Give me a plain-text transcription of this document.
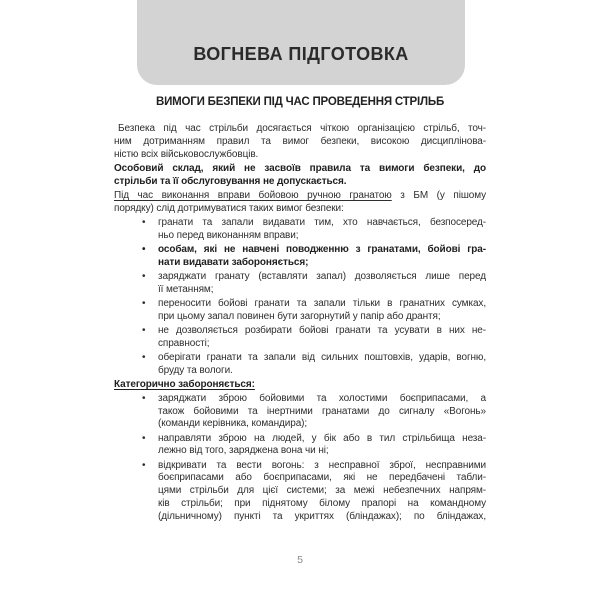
ВОГНЕВА ПІДГОТОВКА
ВИМОГИ БЕЗПЕКИ ПІД ЧАС ПРОВЕДЕННЯ СТРІЛЬБ
Безпека під час стрільби досягається чіткою організацією стрільб, точ-
ним дотриманням правил та вимог безпеки, високою дисциплінова-
ністю всіх військовослужбовців.
Особовий склад, який не засвоїв правила та вимоги безпеки, до
стрільби та її обслуговування не допускається.
Під час виконання вправи бойовою ручною гранатою з БМ (у пішому
порядку) слід дотримуватися таких вимог безпеки:
• гранати та запали видавати тим, хто навчається, безпосеред-
ньо перед виконанням вправи;
• особам, які не навчені поводженню з гранатами, бойові гра-
нати видавати забороняється;
• заряджати гранату (вставляти запал) дозволяється лише перед
її метанням;
• переносити бойові гранати та запали тільки в гранатних сумках,
при цьому запал повинен бути загорнутий у папір або дрантя;
• не дозволяється розбирати бойові гранати та усувати в них не-
справності;
• оберігати гранати та запали від сильних поштовхів, ударів, вогню,
бруду та вологи.
Категорично забороняється:
• заряджати зброю бойовими та холостими боєприпасами, а
також бойовими та інертними гранатами до сигналу «Вогонь»
(команди керівника, командира);
• направляти зброю на людей, у бік або в тил стрільбища неза-
лежно від того, заряджена вона чи ні;
• відкривати та вести вогонь: з несправної зброї, несправними
боєприпасами або боєприпасами, які не передбачені табли-
цями стрільби для цієї системи; за межі небезпечних напрям-
ків стрільби; при піднятому білому прапорі на командному
(дільничному) пункті та укриттях (бліндажах); по бліндажах,
5
